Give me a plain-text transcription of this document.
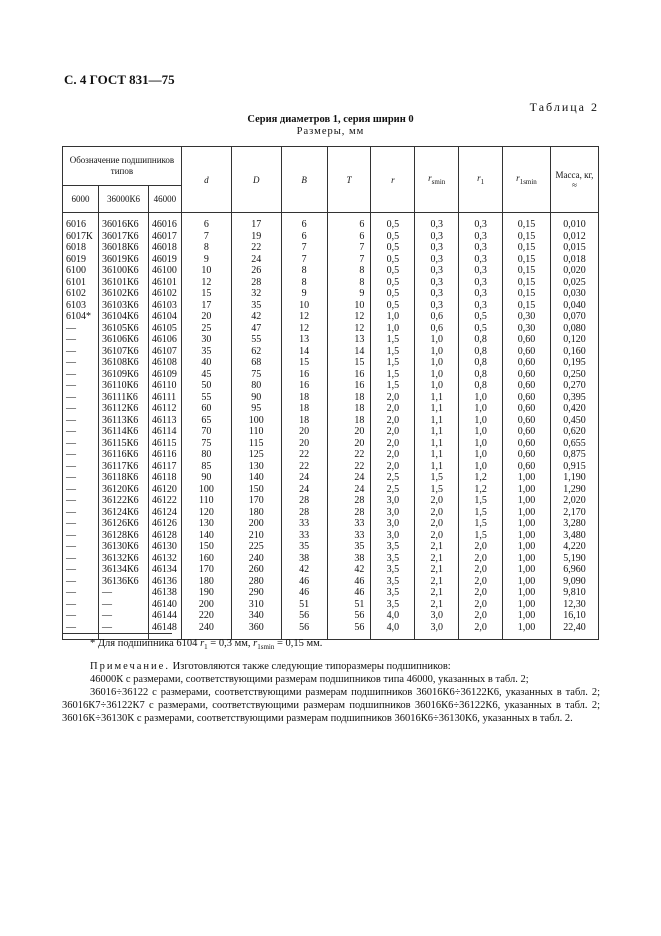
С. 4 ГОСТ 831—75
Таблица 2
Серия диаметров 1, серия ширин 0
Размеры, мм
Обозначение подшипников типов			d	D	B	T	r	$r_{smin}$	$r_1$	$r_{1smin}$	Масса, кг, ≈
6000	36000К6	46000									
6016	36016К6	46016	6	17	6	6	0,5	0,3	0,3	0,15	0,010
6017К	36017К6	46017	7	19	6	6	0,5	0,3	0,3	0,15	0,012
6018	36018К6	46018	8	22	7	7	0,5	0,3	0,3	0,15	0,015
6019	36019К6	46019	9	24	7	7	0,5	0,3	0,3	0,15	0,018
6100	36100К6	46100	10	26	8	8	0,5	0,3	0,3	0,15	0,020
6101	36101К6	46101	12	28	8	8	0,5	0,3	0,3	0,15	0,025
6102	36102К6	46102	15	32	9	9	0,5	0,3	0,3	0,15	0,030
6103	36103К6	46103	17	35	10	10	0,5	0,3	0,3	0,15	0,040
6104*	36104К6	46104	20	42	12	12	1,0	0,6	0,5	0,30	0,070
—	36105К6	46105	25	47	12	12	1,0	0,6	0,5	0,30	0,080
—	36106К6	46106	30	55	13	13	1,5	1,0	0,8	0,60	0,120
—	36107К6	46107	35	62	14	14	1,5	1,0	0,8	0,60	0,160
—	36108К6	46108	40	68	15	15	1,5	1,0	0,8	0,60	0,195
—	36109К6	46109	45	75	16	16	1,5	1,0	0,8	0,60	0,250
—	36110К6	46110	50	80	16	16	1,5	1,0	0,8	0,60	0,270
—	36111К6	46111	55	90	18	18	2,0	1,1	1,0	0,60	0,395
—	36112К6	46112	60	95	18	18	2,0	1,1	1,0	0,60	0,420
—	36113К6	46113	65	100	18	18	2,0	1,1	1,0	0,60	0,450
—	36114К6	46114	70	110	20	20	2,0	1,1	1,0	0,60	0,620
—	36115К6	46115	75	115	20	20	2,0	1,1	1,0	0,60	0,655
—	36116К6	46116	80	125	22	22	2,0	1,1	1,0	0,60	0,875
—	36117К6	46117	85	130	22	22	2,0	1,1	1,0	0,60	0,915
—	36118К6	46118	90	140	24	24	2,5	1,5	1,2	1,00	1,190
—	36120К6	46120	100	150	24	24	2,5	1,5	1,2	1,00	1,290
—	36122К6	46122	110	170	28	28	3,0	2,0	1,5	1,00	2,020
—	36124К6	46124	120	180	28	28	3,0	2,0	1,5	1,00	2,170
—	36126К6	46126	130	200	33	33	3,0	2,0	1,5	1,00	3,280
—	36128К6	46128	140	210	33	33	3,0	2,0	1,5	1,00	3,480
—	36130К6	46130	150	225	35	35	3,5	2,1	2,0	1,00	4,220
—	36132К6	46132	160	240	38	38	3,5	2,1	2,0	1,00	5,190
—	36134К6	46134	170	260	42	42	3,5	2,1	2,0	1,00	6,960
—	36136К6	46136	180	280	46	46	3,5	2,1	2,0	1,00	9,090
—	—	46138	190	290	46	46	3,5	2,1	2,0	1,00	9,810
—	—	46140	200	310	51	51	3,5	2,1	2,0	1,00	12,30
—	—	46144	220	340	56	56	4,0	3,0	2,0	1,00	16,10
—	—	46148	240	360	56	56	4,0	3,0	2,0	1,00	22,40
* Для подшипника 6104 $r_1 = 0,3$ мм, $r_{1smin} = 0,15$ мм.

Примечание. Изготовляются также следующие типоразмеры подшипников:

46000К с размерами, соответствующими размерам подшипников типа 46000, указанных в табл. 2;

36016÷36122 с размерами, соответствующими размерам подшипников 36016К6÷36122К6, указанных в табл. 2; 36016К7÷36122К7 с размерами, соответствующими размерам подшипников 36016К6÷36122К6, указанных в табл. 2; 36016К÷36130К с размерами, соответствующими размерам подшипников 36016К6÷36130К6, указанных в табл. 2.
